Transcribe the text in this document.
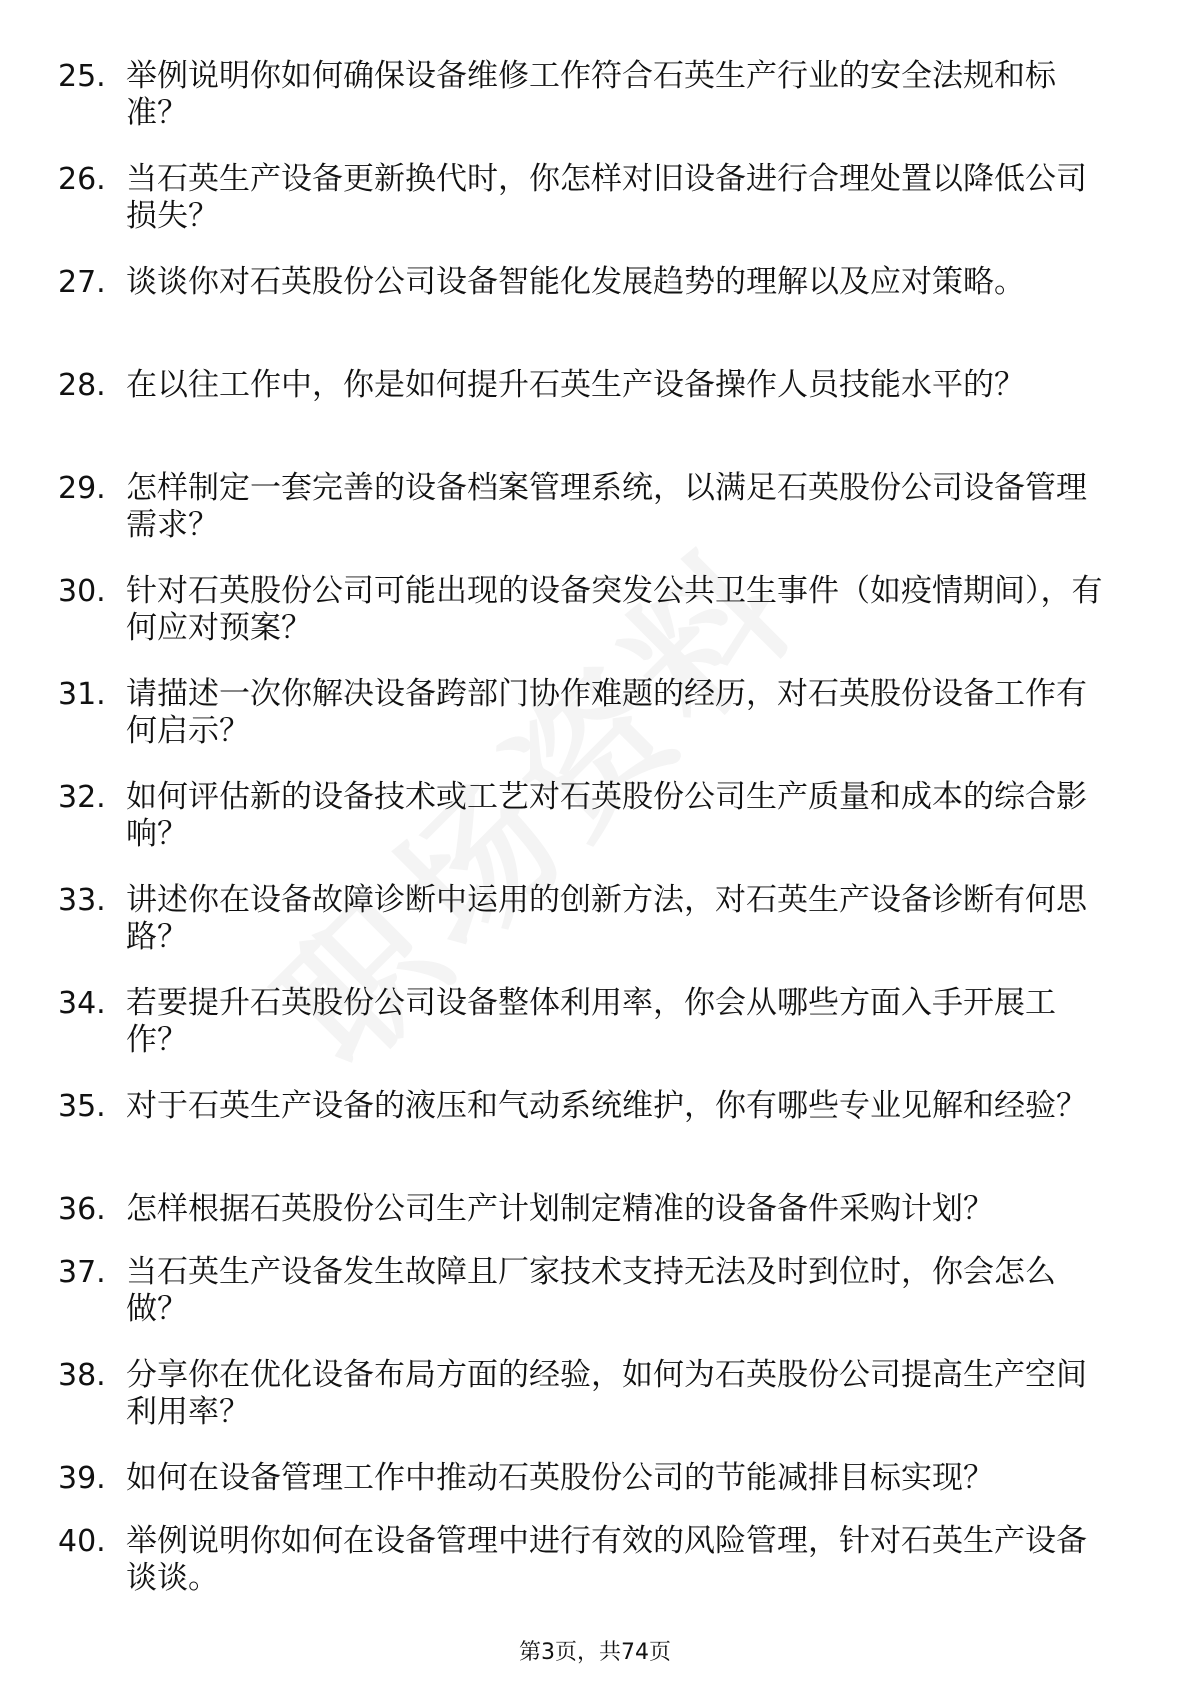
25. 举例说明你如何确保设备维修工作符合石英生产行业的安全法规和标准？
26. 当石英生产设备更新换代时，你怎样对旧设备进行合理处置以降低公司损失？
27. 谈谈你对石英股份公司设备智能化发展趋势的理解以及应对策略。
28. 在以往工作中，你是如何提升石英生产设备操作人员技能水平的？
29. 怎样制定一套完善的设备档案管理系统，以满足石英股份公司设备管理需求？
30. 针对石英股份公司可能出现的设备突发公共卫生事件（如疫情期间），有何应对预案？
31. 请描述一次你解决设备跨部门协作难题的经历，对石英股份设备工作有何启示？
32. 如何评估新的设备技术或工艺对石英股份公司生产质量和成本的综合影响？
33. 讲述你在设备故障诊断中运用的创新方法，对石英生产设备诊断有何思路？
34. 若要提升石英股份公司设备整体利用率，你会从哪些方面入手开展工作？
35. 对于石英生产设备的液压和气动系统维护，你有哪些专业见解和经验？
36. 怎样根据石英股份公司生产计划制定精准的设备备件采购计划？
37. 当石英生产设备发生故障且厂家技术支持无法及时到位时，你会怎么做？
38. 分享你在优化设备布局方面的经验，如何为石英股份公司提高生产空间利用率？
39. 如何在设备管理工作中推动石英股份公司的节能减排目标实现？
40. 举例说明你如何在设备管理中进行有效的风险管理，针对石英生产设备谈谈。
第3页，共74页
